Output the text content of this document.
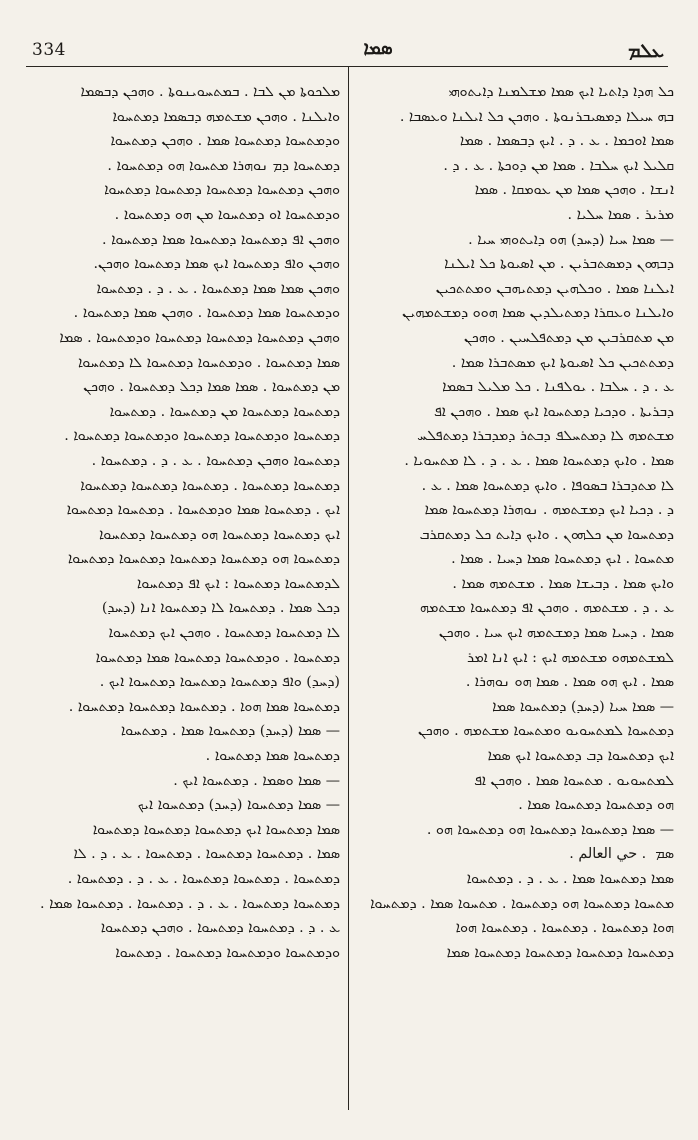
334	ܣܡܐ	ܥܠܡ
ܟܠ ܗܕܐ ܕܐܬܝܐ ܐܝܟ ܣܡܐ ܡܫܠܡܢܐ ܕܐܝܬܘܗܝ
ܒܗ ܚܝܠܐ ܕܡܣܝܒܪܢܘܬܐ . ܘܗܟܢ ܟܠ ܐܝܠܢܐ ܘܥܣܒܐ .
ܣܡܐ ܐܘܟܡܐ . ܥ . ܕ . ܐܝܟ ܕܒܣܡܐ . ܣܡܐ
ܩܠܝܠ ܐܝܟ ܚܠܒܐ . ܣܡܐ ܡܢ ܕܘܟܬܐ . ܥ . ܕ .
ܐܢܫܐ . ܘܗܟܢ ܣܡܐ ܡܢ ܥܘܡܩܐ . ܣܡܐ
ܡܪܝܪ . ܣܡܐ ܚܠܝܐ .
— ܣܡܐ ܚܝܐ (ܕܚܕ) ܗܘ ܕܐܝܬܘܗܝ ܚܝܐ .
ܕܒܗܘܢ ܕܡܣܬܒܪܝܢ . ܡܢ ܐܣܝܘܬܐ ܟܠ ܐܝܠܢܐ
ܐܝܠܢܐ ܣܡܐ . ܘܟܠܗܝܢ ܕܡܬܝܗܒܢ ܘܡܬܬܟܝܢ
ܘܐܝܠܢܐ ܘܥܩܪܐ ܕܡܬܝܠܕܝܢ ܣܡܐ ܗܘܘ ܕܡܫܬܡܗܝܢ
ܡܢ ܡܬܩܪܒܝܢ ܡܢ ܕܡܬܦܠܚܝܢ . ܘܗܟܢ
ܕܡܬܬܟܝܢ ܟܠ ܐܣܝܘܬܐ ܐܝܟ ܡܣܬܒܪܐ ܣܡܐ .
ܥ . ܕ . ܚܠܒܐ . ܝܘܠܦܢܐ . ܟܠ ܡܠܝܠ ܒܣܡܐ
ܕܒܪܝܬܐ . ܘܕܟܝܐ ܕܡܬܚܘܐ ܐܝܟ ܣܡܐ . ܘܗܟܢ ܐܦ
ܡܫܬܡܗ ܠܐ ܕܡܬܚܠܦ ܕܒܬܪ ܕܡܕܒܪܐ ܕܡܬܦܠܚ
ܣܡܐ . ܘܐܝܟ ܕܡܬܚܘܐ ܣܡܐ . ܥ . ܕ . ܠܐ ܡܬܚܘܝܐ .
ܠܐ ܡܬܕܒܪܐ ܒܣܘܦܐ . ܘܐܝܟ ܕܡܬܚܘܐ ܣܡܐ . ܥ .
ܕ . ܕܟܝܐ ܐܝܟ ܕܡܫܬܡܗ . ܢܘܗܪܐ ܕܡܬܚܘܐ ܣܡܐ
ܕܡܬܚܘܐ ܡܢ ܟܠܗܘܢ . ܘܐܝܟ ܕܐܝܬ ܟܠ ܕܡܬܩܪܒ
ܡܬܚܘܐ . ܐܝܟ ܕܡܬܚܘܐ ܣܡܐ ܕܚܝܐ . ܣܡܐ .
ܘܐܝܟ ܣܡܐ . ܕܒܝܫܐ ܣܡܐ . ܡܫܬܡܗ ܣܡܐ .
ܥ . ܕ . ܡܫܬܡܗ . ܘܗܟܢ ܐܦ ܕܡܬܚܘܐ ܡܫܬܡܗ
ܣܡܐ . ܕܚܝܐ ܣܡܐ ܕܡܫܬܡܗ ܐܝܟ ܚܝܐ . ܘܗܟܢ
ܠܡܫܬܡܗܘ ܡܫܬܡܗ ܐܝܟ : ܐܝܟ ܐܢܐ ܐܡܪ
ܣܡܐ . ܐܝܟ ܗܘ ܣܡܐ . ܣܡܐ ܗܘ ܢܘܗܪܐ .
— ܣܡܐ ܚܝܐ (ܕܚܕ) ܕܡܬܚܘܐ ܣܡܐ
ܕܡܬܚܘܐ ܠܡܬܚܘܝܘ ܘܡܬܚܘܐ ܡܫܬܡܗ . ܘܗܟܢ
ܐܝܟ ܕܡܬܚܘܐ ܕܒ ܕܡܬܚܘܐ ܐܝܟ ܣܡܐ
ܠܡܬܚܘܝܘ . ܡܬܚܘܐ ܣܡܐ . ܘܗܟܢ ܐܦ
ܗܘ ܕܡܬܚܘܐ ܕܡܬܚܘܐ ܣܡܐ .
— ܣܡܐ ܕܡܬܚܘܐ ܕܡܬܚܘܐ ܗܘ ܕܡܬܚܘܐ ܗܘ .
ܣܡ ‌ . حي العالم .
ܣܡܐ ܕܡܬܚܘܐ ܣܡܐ . ܥ . ܕ . ܕܡܬܚܘܐ
ܡܬܚܘܐ ܕܡܬܚܘܐ ܗܘ ܕܡܬܚܘܐ . ܡܬܚܘܐ ܣܡܐ . ܕܡܬܚܘܐ
ܗܘܐ ܕܡܬܚܘܐ . ܕܡܬܚܘܐ . ܕܡܬܚܘܐ ܗܘܐ
ܕܡܬܚܘܐ ܕܡܬܚܘܐ ܕܡܬܚܘܐ ܕܡܬܚܘܐ ܣܡܐ
ܡܠܟܘܬܐ ܡܢ ܠܒܐ . ܒܡܬܚܘܝܢܘܬܐ . ܘܗܟܢ ܕܒܣܡܐ
ܘܐܝܠܢܐ . ܘܗܟܢ ܡܫܬܡܗ ܕܒܣܡܐ ܕܡܬܚܘܐ
ܘܕܡܬܚܘܐ ܕܡܬܚܘܐ ܣܡܐ . ܘܗܟܢ ܕܡܬܚܘܐ
ܕܡܬܚܘܐ ܕܡ ܢܘܗܪܐ ܡܬܚܘܐ ܗܘ ܕܡܬܚܘܐ .
ܘܗܟܢ ܕܡܬܚܘܐ ܕܡܬܚܘܐ ܕܡܬܚܘܐ ܕܡܬܚܘܐ
ܘܕܡܬܚܘܐ ܐܘ ܕܡܬܚܘܐ ܡܢ ܗܘ ܕܡܬܚܘܐ .
ܘܗܟܢ ܐܦ ܕܡܬܚܘܐ ܕܡܬܚܘܐ ܣܡܐ ܕܡܬܚܘܐ .
ܘܗܟܢ ܘܐܦ ܕܡܬܚܘܐ ܐܝܟ ܣܡܐ ܕܡܬܚܘܐ ܘܗܟܢ.
ܘܗܟܢ ܣܡܐ ܣܡܐ ܕܡܬܚܘܐ . ܥ . ܕ . ܕܡܬܚܘܐ
ܘܕܡܬܚܘܐ ܣܡܐ ܕܡܬܚܘܐ . ܘܗܟܢ ܣܡܐ ܕܡܬܚܘܐ .
ܘܗܟܢ ܕܡܬܚܘܐ ܕܡܬܚܘܐ ܕܡܬܚܘܐ ܘܕܡܬܚܘܐ . ܣܡܐ
ܣܡܐ ܕܡܬܚܘܐ . ܘܕܡܬܚܘܐ ܕܡܬܚܘܐ ܠܐ ܕܡܬܚܘܐ
ܡܢ ܕܡܬܚܘܐ . ܣܡܐ ܣܡܐ ܕܟܠ ܕܡܬܚܘܐ . ܘܗܟܢ
ܕܡܬܚܘܐ ܕܡܬܚܘܐ ܡܢ ܕܡܬܚܘܐ . ܕܡܬܚܘܐ
ܕܡܬܚܘܐ ܘܕܡܬܚܘܐ ܕܡܬܚܘܐ ܘܕܡܬܚܘܐ ܕܡܬܚܘܐ .
ܕܡܬܚܘܐ ܘܗܟܢ ܕܡܬܚܘܐ . ܥ . ܕ . ܕܡܬܚܘܐ .
ܕܡܬܚܘܐ ܕܡܬܚܘܐ . ܕܡܬܚܘܐ ܕܡܬܚܘܐ ܕܡܬܚܘܐ
ܐܝܟ . ܕܡܬܚܘܐ ܣܡܐ ܘܕܡܬܚܘܐ . ܕܡܬܚܘܐ ܕܡܬܚܘܐ
ܐܝܟ ܕܡܬܚܘܐ ܕܡܬܚܘܐ ܗܘ ܕܡܬܚܘܐ ܕܡܬܚܘܐ
ܕܡܬܚܘܐ ܗܘ ܕܡܬܚܘܐ ܕܡܬܚܘܐ ܕܡܬܚܘܐ ܕܡܬܚܘܐ
ܠܕܡܬܚܘܐ ܕܡܬܚܘܐ : ܐܝܟ ܐܦ ܕܡܬܚܘܐ
ܕܟܠ ܣܡܐ . ܕܡܬܚܘܐ ܠܐ ܕܡܬܚܘܐ ܐܢܐ (ܕܚܕ)
ܠܐ ܕܡܬܚܘܐ ܕܡܬܚܘܐ . ܘܗܟܢ ܐܝܟ ܕܡܬܚܘܐ
ܕܡܬܚܘܐ . ܘܕܡܬܚܘܐ ܕܡܬܚܘܐ ܣܡܐ ܕܡܬܚܘܐ
(ܕܚܕ) ܘܐܦ ܕܡܬܚܘܐ ܕܡܬܚܘܐ ܕܡܬܚܘܐ ܐܝܟ .
ܕܡܬܚܘܐ ܣܡܐ ܗܘܐ . ܕܡܬܚܘܐ ܕܡܬܚܘܐ ܕܡܬܚܘܐ .
— ܣܡܐ (ܕܚܕ) ܕܡܬܚܘܐ ܣܡܐ . ܕܡܬܚܘܐ
ܕܡܬܚܘܐ ܣܡܐ ܕܡܬܚܘܐ .
— ܣܡܐ ܘܣܡܐ . ܕܡܬܚܘܐ ܐܝܟ .
— ܣܡܐ ܕܡܬܚܘܐ (ܕܚܕ) ܕܡܬܚܘܐ ܐܝܟ
ܣܡܐ ܕܡܬܚܘܐ ܐܝܟ ܕܡܬܚܘܐ ܕܡܬܚܘܐ ܕܡܬܚܘܐ
ܣܡܐ . ܕܡܬܚܘܐ ܕܡܬܚܘܐ . ܕܡܬܚܘܐ . ܥ . ܕ . ܠܐ
ܕܡܬܚܘܐ . ܕܡܬܚܘܐ ܕܡܬܚܘܐ . ܥ . ܕ . ܕܡܬܚܘܐ .
ܕܡܬܚܘܐ ܕܡܬܚܘܐ . ܥ . ܕ . ܕܡܬܚܘܐ . ܕܡܬܚܘܐ ܣܡܐ .
ܥ . ܕ . ܕܡܬܚܘܐ ܕܡܬܚܘܐ . ܘܗܟܢ ܕܡܬܚܘܐ
ܘܕܡܬܚܘܐ ܘܕܡܬܚܘܐ ܕܡܬܚܘܐ . ܕܡܬܚܘܐ
